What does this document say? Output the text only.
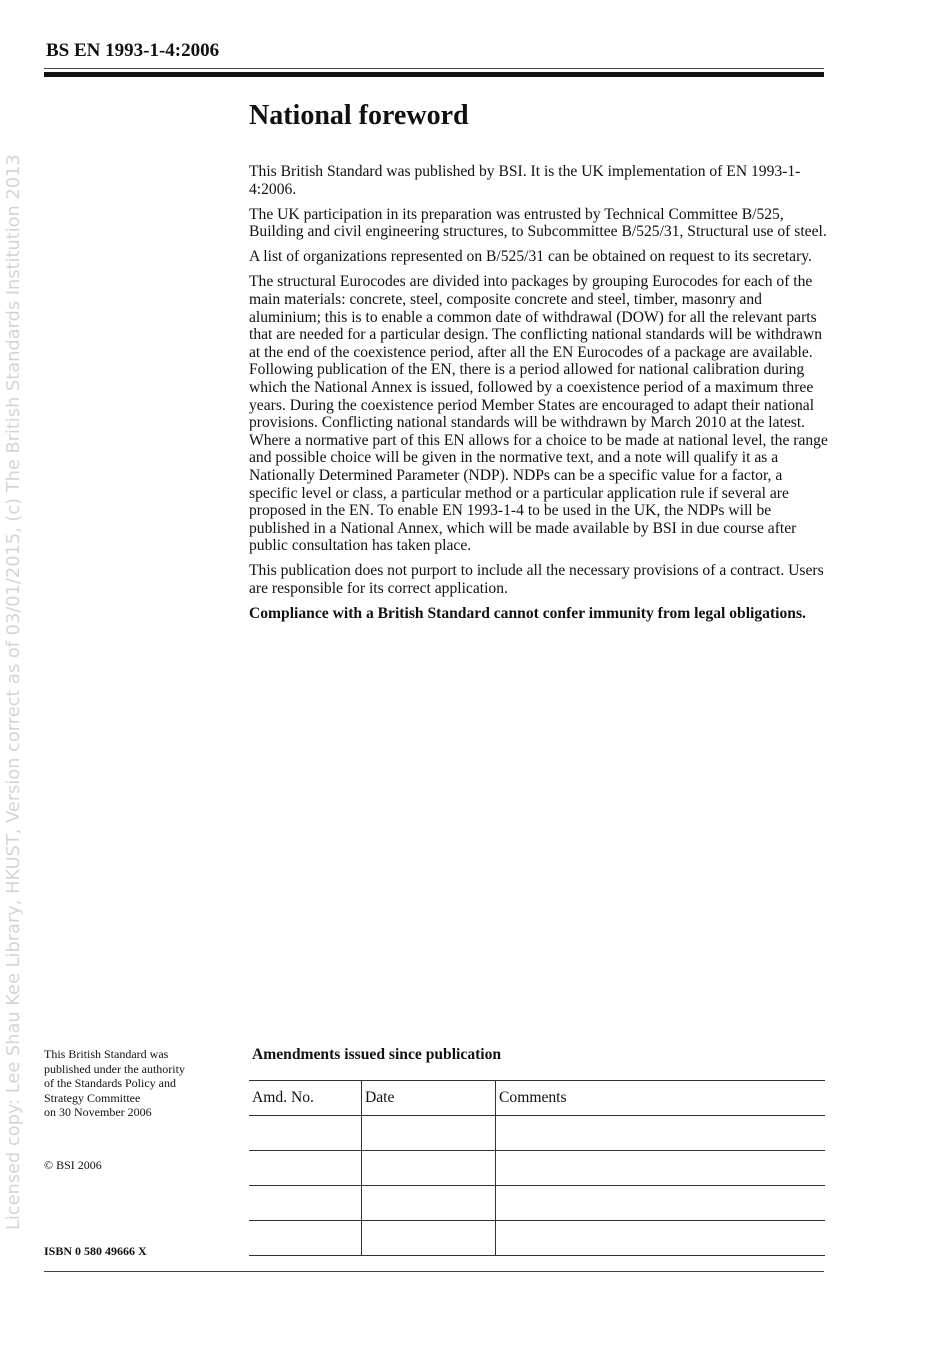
BS EN 1993-1-4:2006
Licensed copy: Lee Shau Kee Library, HKUST, Version correct as of 03/01/2015, (c) The British Standards Institution 2013
National foreword

This British Standard was published by BSI. It is the UK implementation of EN 1993-1-4:2006.

The UK participation in its preparation was entrusted by Technical Committee B/525, Building and civil engineering structures, to Subcommittee B/525/31, Structural use of steel.

A list of organizations represented on B/525/31 can be obtained on request to its secretary.

The structural Eurocodes are divided into packages by grouping Eurocodes for each of the main materials: concrete, steel, composite concrete and steel, timber, masonry and aluminium; this is to enable a common date of withdrawal (DOW) for all the relevant parts that are needed for a particular design. The conflicting national standards will be withdrawn at the end of the coexistence period, after all the EN Eurocodes of a package are available. Following publication of the EN, there is a period allowed for national calibration during which the National Annex is issued, followed by a coexistence period of a maximum three years. During the coexistence period Member States are encouraged to adapt their national provisions. Conflicting national standards will be withdrawn by March 2010 at the latest. Where a normative part of this EN allows for a choice to be made at national level, the range and possible choice will be given in the normative text, and a note will qualify it as a Nationally Determined Parameter (NDP). NDPs can be a specific value for a factor, a specific level or class, a particular method or a particular application rule if several are proposed in the EN. To enable EN 1993-1-4 to be used in the UK, the NDPs will be published in a National Annex, which will be made available by BSI in due course after public consultation has taken place.

This publication does not purport to include all the necessary provisions of a contract. Users are responsible for its correct application.

Compliance with a British Standard cannot confer immunity from legal obligations.

This British Standard was
published under the authority
of the Standards Policy and
Strategy Committee
on 30 November 2006

© BSI 2006

ISBN 0 580 49666 X

Amendments issued since publication
Amd. No.	Date	Comments
